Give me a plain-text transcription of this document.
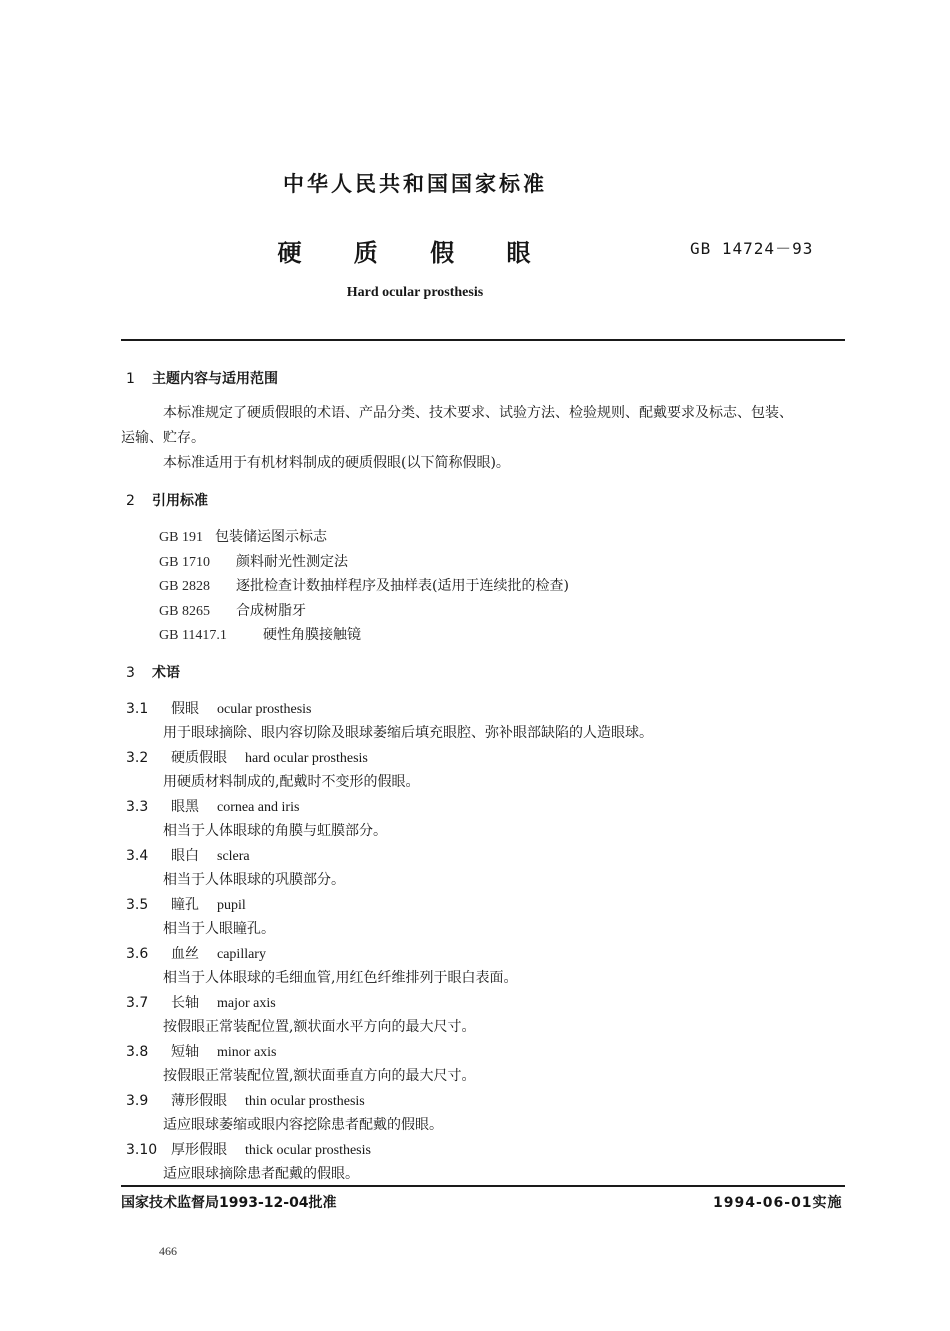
中华人民共和国国家标准
硬 质 假 眼	GB 14724－93
Hard ocular prosthesis
1 主题内容与适用范围
本标准规定了硬质假眼的术语、产品分类、技术要求、试验方法、检验规则、配戴要求及标志、包装、
运输、贮存。
本标准适用于有机材料制成的硬质假眼(以下简称假眼)。
2 引用标准
GB 191 包装储运图示标志
GB 1710 颜料耐光性测定法
GB 2828 逐批检查计数抽样程序及抽样表(适用于连续批的检查)
GB 8265 合成树脂牙
GB 11417.1	硬性角膜接触镜
3 术语
3.1 假眼 ocular prosthesis
用于眼球摘除、眼内容切除及眼球萎缩后填充眼腔、弥补眼部缺陷的人造眼球。
3.2 硬质假眼 hard ocular prosthesis
用硬质材料制成的,配戴时不变形的假眼。
3.3 眼黑 cornea and iris
相当于人体眼球的角膜与虹膜部分。
3.4 眼白 sclera
相当于人体眼球的巩膜部分。
3.5 瞳孔 pupil
相当于人眼瞳孔。
3.6 血丝 capillary
相当于人体眼球的毛细血管,用红色纤维排列于眼白表面。
3.7 长轴 major axis
按假眼正常装配位置,额状面水平方向的最大尺寸。
3.8 短轴 minor axis
按假眼正常装配位置,额状面垂直方向的最大尺寸。
3.9 薄形假眼 thin ocular prosthesis
适应眼球萎缩或眼内容挖除患者配戴的假眼。
3.10 厚形假眼 thick ocular prosthesis
适应眼球摘除患者配戴的假眼。
国家技术监督局1993-12-04批准	1994-06-01实施
466
